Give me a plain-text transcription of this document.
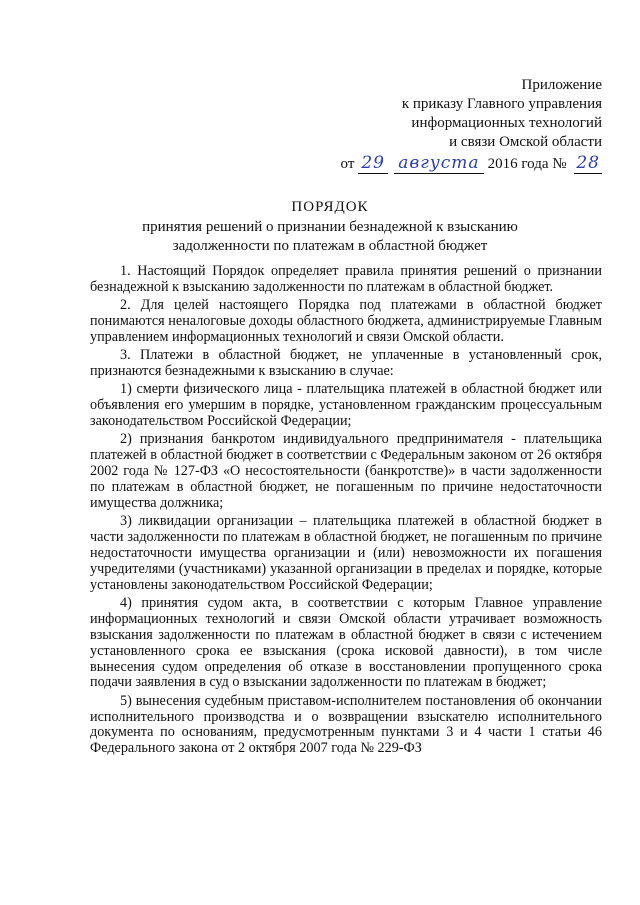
Приложение
к приказу Главного управления
информационных технологий
и связи Омской области
от 29 августа 2016 года № 28
ПОРЯДОК
принятия решений о признании безнадежной к взысканию
задолженности по платежам в областной бюджет

1. Настоящий Порядок определяет правила принятия решений о признании безнадежной к взысканию задолженности по платежам в областной бюджет.

2. Для целей настоящего Порядка под платежами в областной бюджет понимаются неналоговые доходы областного бюджета, администрируемые Главным управлением информационных технологий и связи Омской области.

3. Платежи в областной бюджет, не уплаченные в установленный срок, признаются безнадежными к взысканию в случае:

1) смерти физического лица - плательщика платежей в областной бюджет или объявления его умершим в порядке, установленном гражданским процессуальным законодательством Российской Федерации;

2) признания банкротом индивидуального предпринимателя - плательщика платежей в областной бюджет в соответствии с Федеральным законом от 26 октября 2002 года № 127-ФЗ «О несостоятельности (банкротстве)» в части задолженности по платежам в областной бюджет, не погашенным по причине недостаточности имущества должника;

3) ликвидации организации – плательщика платежей в областной бюджет в части задолженности по платежам в областной бюджет, не погашенным по причине недостаточности имущества организации и (или) невозможности их погашения учредителями (участниками) указанной организации в пределах и порядке, которые установлены законодательством Российской Федерации;

4) принятия судом акта, в соответствии с которым Главное управление информационных технологий и связи Омской области утрачивает возможность взыскания задолженности по платежам в областной бюджет в связи с истечением установленного срока ее взыскания (срока исковой давности), в том числе вынесения судом определения об отказе в восстановлении пропущенного срока подачи заявления в суд о взыскании задолженности по платежам в бюджет;

5) вынесения судебным приставом-исполнителем постановления об окончании исполнительного производства и о возвращении взыскателю исполнительного документа по основаниям, предусмотренным пунктами 3 и 4 части 1 статьи 46 Федерального закона от 2 октября 2007 года № 229-ФЗ
